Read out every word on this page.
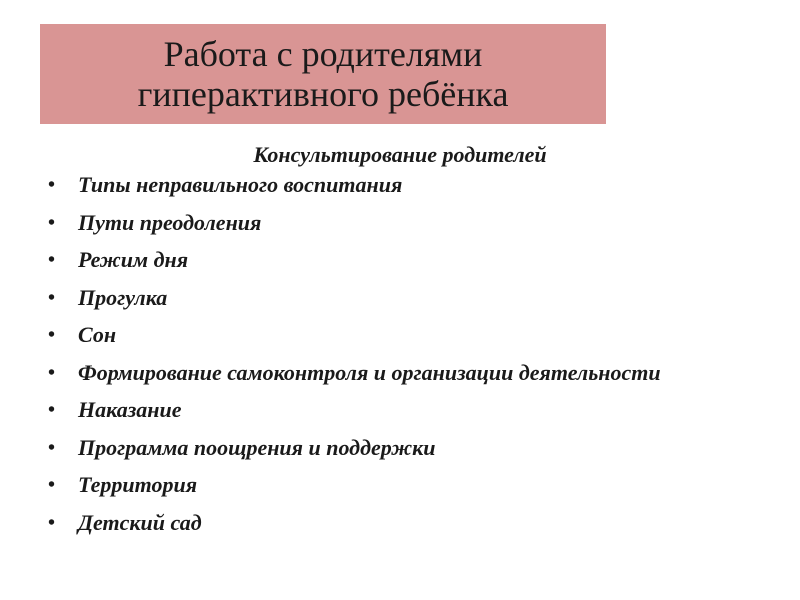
Работа с родителями
гиперактивного ребёнка
Консультирование родителей
•	Типы неправильного воспитания
•	Пути преодоления
•	Режим дня
•	Прогулка
•	Сон
•	Формирование самоконтроля и организации деятельности
•	Наказание
•	Программа поощрения и поддержки
•	Территория
•	Детский сад
